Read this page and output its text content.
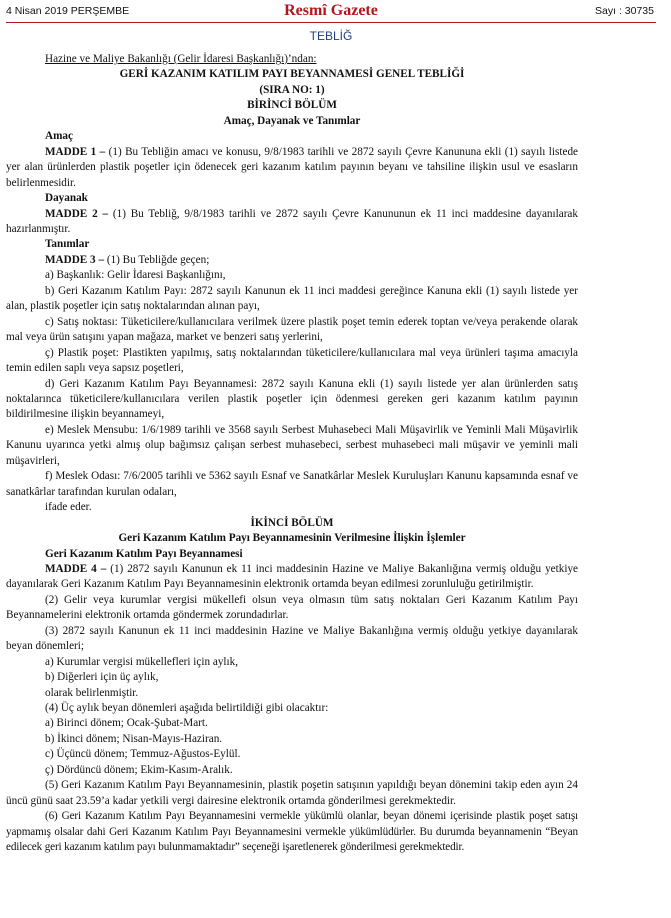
4 Nisan 2019 PERŞEMBE	Resmî Gazete	Sayı : 30735
TEBLİĞ

Hazine ve Maliye Bakanlığı (Gelir İdaresi Başkanlığı)’ndan:

GERİ KAZANIM KATILIM PAYI BEYANNAMESİ GENEL TEBLİĞİ

(SIRA NO: 1)

BİRİNCİ BÖLÜM

Amaç, Dayanak ve Tanımlar

Amaç

MADDE 1 – (1) Bu Tebliğin amacı ve konusu, 9/8/1983 tarihli ve 2872 sayılı Çevre Kanununa ekli (1) sayılı listede yer alan ürünlerden plastik poşetler için ödenecek geri kazanım katılım payının beyanı ve tahsiline ilişkin usul ve esasların belirlenmesidir.

Dayanak

MADDE 2 – (1) Bu Tebliğ, 9/8/1983 tarihli ve 2872 sayılı Çevre Kanununun ek 11 inci maddesine dayanılarak hazırlanmıştır.

Tanımlar

MADDE 3 – (1) Bu Tebliğde geçen;

a) Başkanlık: Gelir İdaresi Başkanlığını,

b) Geri Kazanım Katılım Payı: 2872 sayılı Kanunun ek 11 inci maddesi gereğince Kanuna ekli (1) sayılı listede yer alan, plastik poşetler için satış noktalarından alınan payı,

c) Satış noktası: Tüketicilere/kullanıcılara verilmek üzere plastik poşet temin ederek toptan ve/veya perakende olarak mal veya ürün satışını yapan mağaza, market ve benzeri satış yerlerini,

ç) Plastik poşet: Plastikten yapılmış, satış noktalarından tüketicilere/kullanıcılara mal veya ürünleri taşıma amacıyla temin edilen saplı veya sapsız poşetleri,

d) Geri Kazanım Katılım Payı Beyannamesi: 2872 sayılı Kanuna ekli (1) sayılı listede yer alan ürünlerden satış noktalarınca tüketicilere/kullanıcılara verilen plastik poşetler için ödenmesi gereken geri kazanım katılım payının bildirilmesine ilişkin beyannameyi,

e) Meslek Mensubu: 1/6/1989 tarihli ve 3568 sayılı Serbest Muhasebeci Mali Müşavirlik ve Yeminli Mali Müşavirlik Kanunu uyarınca yetki almış olup bağımsız çalışan serbest muhasebeci, serbest muhasebeci mali müşavir ve yeminli mali müşavirleri,

f) Meslek Odası: 7/6/2005 tarihli ve 5362 sayılı Esnaf ve Sanatkârlar Meslek Kuruluşları Kanunu kapsamında esnaf ve sanatkârlar tarafından kurulan odaları,

ifade eder.

İKİNCİ BÖLÜM

Geri Kazanım Katılım Payı Beyannamesinin Verilmesine İlişkin İşlemler

Geri Kazanım Katılım Payı Beyannamesi

MADDE 4 – (1) 2872 sayılı Kanunun ek 11 inci maddesinin Hazine ve Maliye Bakanlığına vermiş olduğu yetkiye dayanılarak Geri Kazanım Katılım Payı Beyannamesinin elektronik ortamda beyan edilmesi zorunluluğu getirilmiştir.

(2) Gelir veya kurumlar vergisi mükellefi olsun veya olmasın tüm satış noktaları Geri Kazanım Katılım Payı Beyannamelerini elektronik ortamda göndermek zorundadırlar.

(3) 2872 sayılı Kanunun ek 11 inci maddesinin Hazine ve Maliye Bakanlığına vermiş olduğu yetkiye dayanılarak beyan dönemleri;

a) Kurumlar vergisi mükellefleri için aylık,

b) Diğerleri için üç aylık,

olarak belirlenmiştir.

(4) Üç aylık beyan dönemleri aşağıda belirtildiği gibi olacaktır:

a) Birinci dönem; Ocak-Şubat-Mart.

b) İkinci dönem; Nisan-Mayıs-Haziran.

c) Üçüncü dönem; Temmuz-Ağustos-Eylül.

ç) Dördüncü dönem; Ekim-Kasım-Aralık.

(5) Geri Kazanım Katılım Payı Beyannamesinin, plastik poşetin satışının yapıldığı beyan dönemini takip eden ayın 24 üncü günü saat 23.59’a kadar yetkili vergi dairesine elektronik ortamda gönderilmesi gerekmektedir.

(6) Geri Kazanım Katılım Payı Beyannamesini vermekle yükümlü olanlar, beyan dönemi içerisinde plastik poşet satışı yapmamış olsalar dahi Geri Kazanım Katılım Payı Beyannamesini vermekle yükümlüdürler. Bu durumda beyannamenin “Beyan edilecek geri kazanım katılım payı bulunmamaktadır” seçeneği işaretlenerek gönderilmesi gerekmektedir.
